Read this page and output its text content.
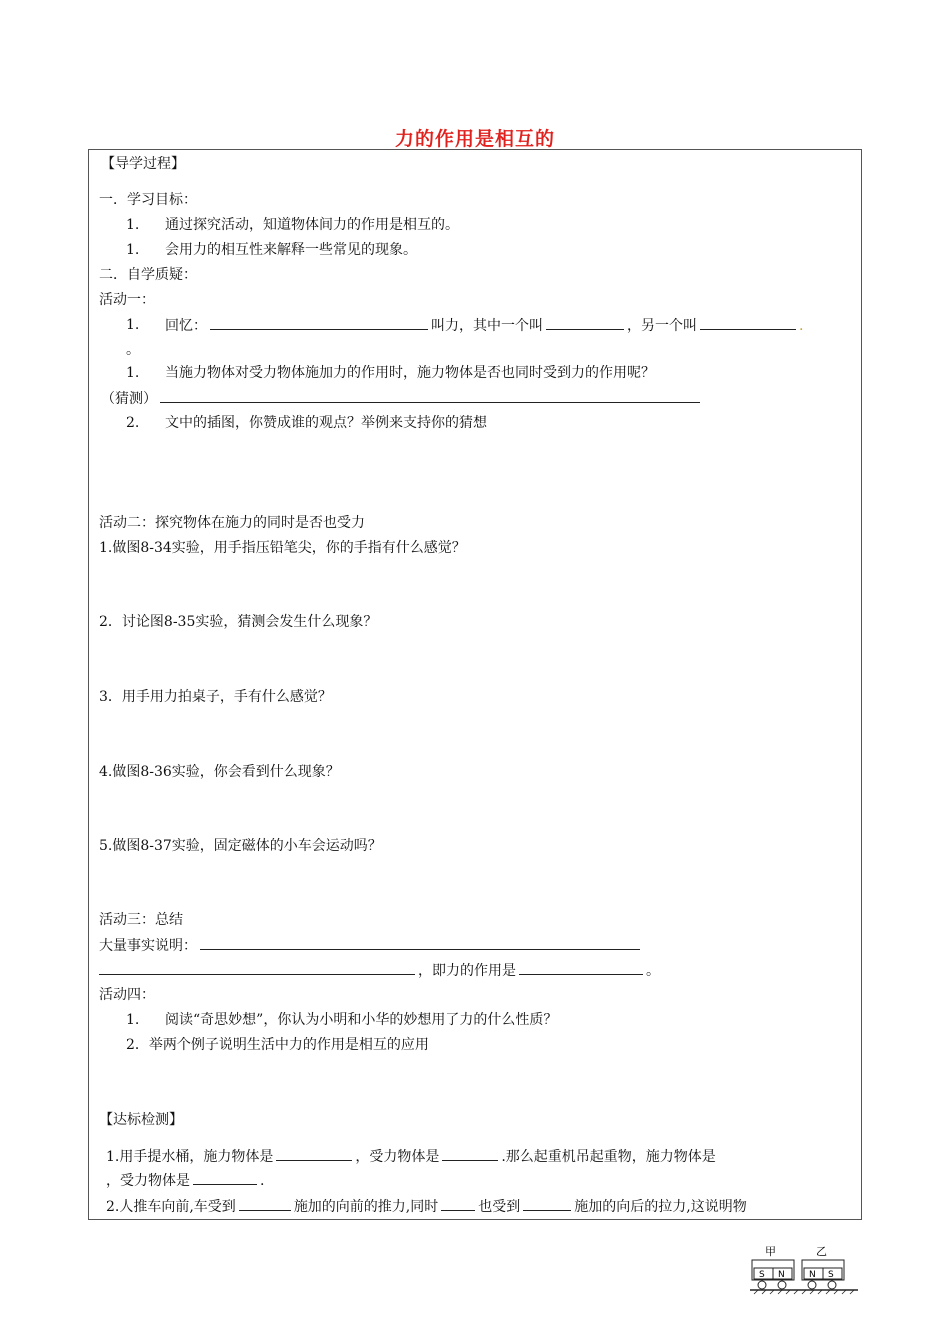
力的作用是相互的
【导学过程】
一．学习目标：
1. 通过探究活动，知道物体间力的作用是相互的。
1. 会用力的相互性来解释一些常见的现象。
二．自学质疑：
活动一：
1. 回忆：	叫力，其中一个叫	，另一个叫	.
。
1. 当施力物体对受力物体施加力的作用时，施力物体是否也同时受到力的作用呢？
（猜测）
2. 文中的插图，你赞成谁的观点？举例来支持你的猜想
活动二：探究物体在施力的同时是否也受力
1.做图8-34实验，用手指压铅笔尖，你的手指有什么感觉？
2．讨论图8-35实验，猜测会发生什么现象？
3．用手用力拍桌子，手有什么感觉？
4.做图8-36实验，你会看到什么现象？
5.做图8-37实验，固定磁体的小车会运动吗？
活动三：总结
大量事实说明：
，即力的作用是	。
活动四：
1. 阅读“奇思妙想”，你认为小明和小华的妙想用了力的什么性质？
2．举两个例子说明生活中力的作用是相互的应用
【达标检测】
1.用手提水桶，施力物体是	，受力物体是	.那么起重机吊起重物，施力物体是
，受力物体是	.
2.人推车向前,车受到	施加的向前的推力,同时	也受到	施加的向后的拉力,这说明物
甲	乙
S N	N S
